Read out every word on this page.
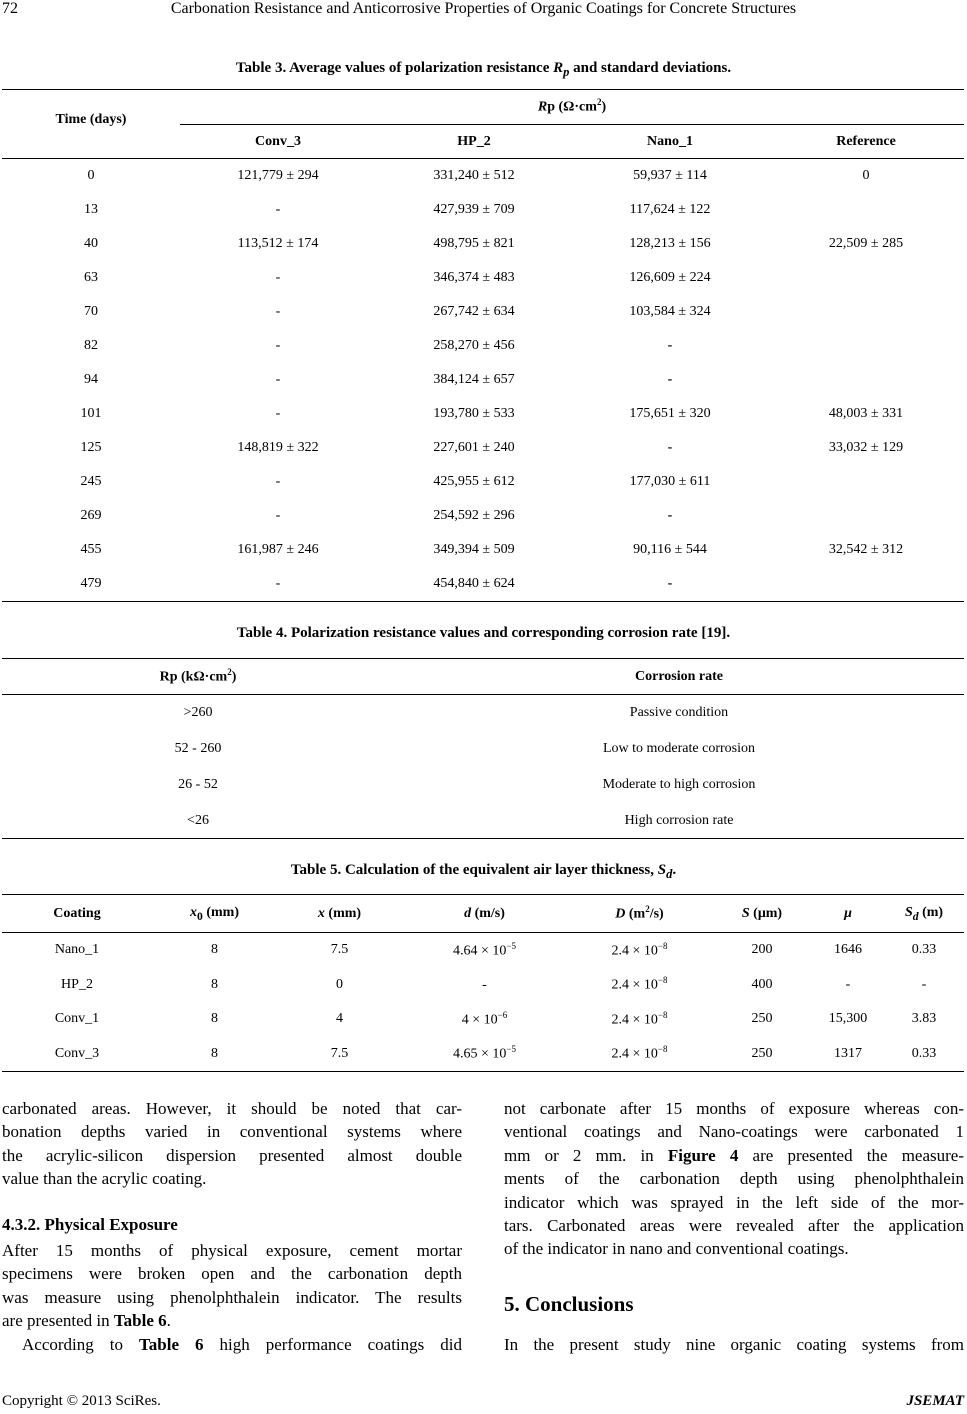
72	Carbonation Resistance and Anticorrosive Properties of Organic Coatings for Concrete Structures
Table 3. Average values of polarization resistance $R_p$ and standard deviations.
Rp $(\Omega\cdot cm^2)$
Time (days)
	Conv_3	HP_2	Nano_1	Reference
0	121,779 ± 294	331,240 ± 512	59,937 ± 114	0
13	-	427,939 ± 709	117,624 ± 122	
40	113,512 ± 174	498,795 ± 821	128,213 ± 156	22,509 ± 285
63	-	346,374 ± 483	126,609 ± 224	
70	-	267,742 ± 634	103,584 ± 324	
82	-	258,270 ± 456	-	
94	-	384,124 ± 657	-	
101	-	193,780 ± 533	175,651 ± 320	48,003 ± 331
125	148,819 ± 322	227,601 ± 240	-	33,032 ± 129
245	-	425,955 ± 612	177,030 ± 611	
269	-	254,592 ± 296	-	
455	161,987 ± 246	349,394 ± 509	90,116 ± 544	32,542 ± 312
479	-	454,840 ± 624	-	
Table 4. Polarization resistance values and corresponding corrosion rate [19].
Rp $(k\Omega\cdot cm^2)$	Corrosion rate
>260	Passive condition
52 - 260	Low to moderate corrosion
26 - 52	Moderate to high corrosion
<26	High corrosion rate
Table 5. Calculation of the equivalent air layer thickness, $S_d$.
Coating	$x_0$ (mm)	x (mm)	d (m/s)	D $(m^2/s)$	S (μm)	μ	$S_d$ (m)
Nano_1	8	7.5	$4.64 \times 10^{-5}$	$2.4 \times 10^{-8}$	200	1646	0.33
HP_2	8	0	-	$2.4 \times 10^{-8}$	400	-	-
Conv_1	8	4	$4 \times 10^{-6}$	$2.4 \times 10^{-8}$	250	15,300	3.83
Conv_3	8	7.5	$4.65 \times 10^{-5}$	$2.4 \times 10^{-8}$	250	1317	0.33
carbonated areas. However, it should be noted that car-
bonation depths varied in conventional systems where
the acrylic-silicon dispersion presented almost double
value than the acrylic coating.
4.3.2. Physical Exposure
After 15 months of physical exposure, cement mortar
specimens were broken open and the carbonation depth
was measure using phenolphthalein indicator. The results
are presented in Table 6.
According to Table 6 high performance coatings did
not carbonate after 15 months of exposure whereas con-
ventional coatings and Nano-coatings were carbonated 1
mm or 2 mm. in Figure 4 are presented the measure-
ments of the carbonation depth using phenolphthalein
indicator which was sprayed in the left side of the mor-
tars. Carbonated areas were revealed after the application
of the indicator in nano and conventional coatings.
5. Conclusions
In the present study nine organic coating systems from
Copyright © 2013 SciRes.	JSEMAT
